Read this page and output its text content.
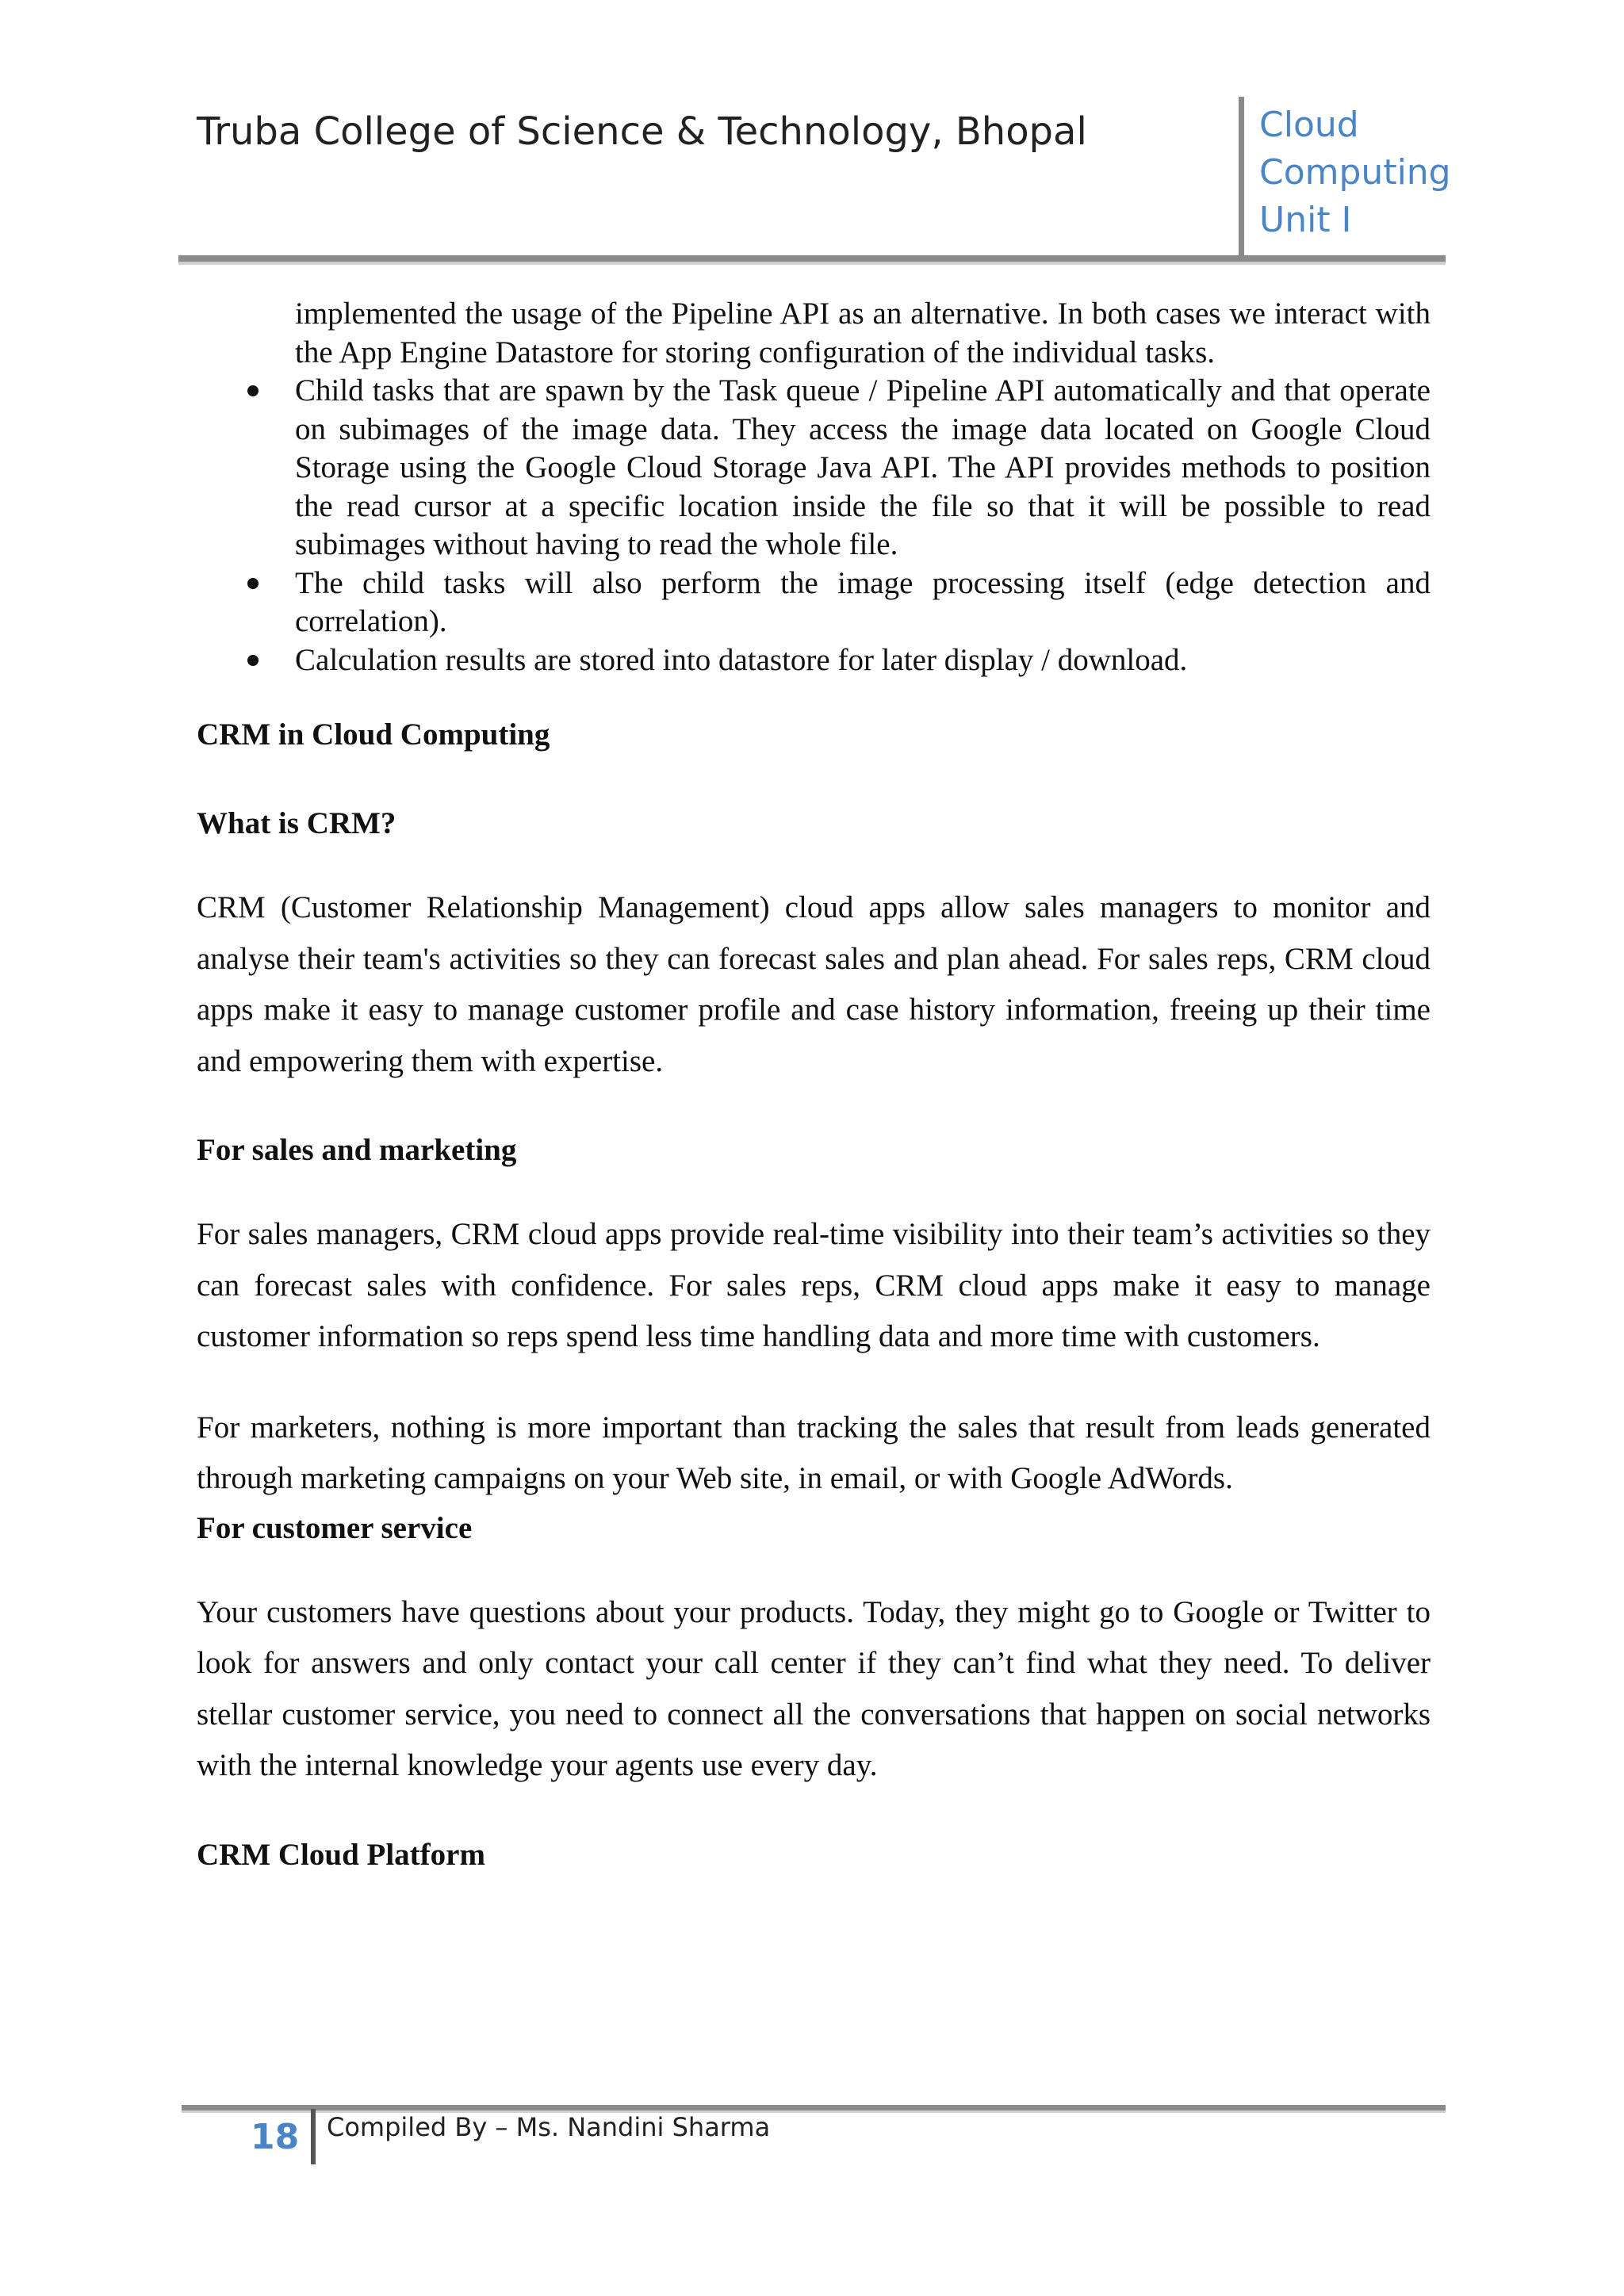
Truba College of Science & Technology, Bhopal	Cloud
Computing
Unit I
implemented the usage of the Pipeline API as an alternative. In both cases we interact with the App Engine Datastore for storing configuration of the individual tasks.
Child tasks that are spawn by the Task queue / Pipeline API automatically and that operate on subimages of the image data. They access the image data located on Google Cloud Storage using the Google Cloud Storage Java API. The API provides methods to position the read cursor at a specific location inside the file so that it will be possible to read subimages without having to read the whole file.
The child tasks will also perform the image processing itself (edge detection and correlation).
Calculation results are stored into datastore for later display / download.
CRM in Cloud Computing
What is CRM?

CRM (Customer Relationship Management) cloud apps allow sales managers to monitor and analyse their team's activities so they can forecast sales and plan ahead. For sales reps, CRM cloud apps make it easy to manage customer profile and case history information, freeing up their time and empowering them with expertise.

For sales and marketing

For sales managers, CRM cloud apps provide real-time visibility into their team’s activities so they can forecast sales with confidence. For sales reps, CRM cloud apps make it easy to manage customer information so reps spend less time handling data and more time with customers.

For marketers, nothing is more important than tracking the sales that result from leads generated through marketing campaigns on your Web site, in email, or with Google AdWords.

For customer service

Your customers have questions about your products. Today, they might go to Google or Twitter to look for answers and only contact your call center if they can’t find what they need. To deliver stellar customer service, you need to connect all the conversations that happen on social networks with the internal knowledge your agents use every day.

CRM Cloud Platform
18 Compiled By – Ms. Nandini Sharma
